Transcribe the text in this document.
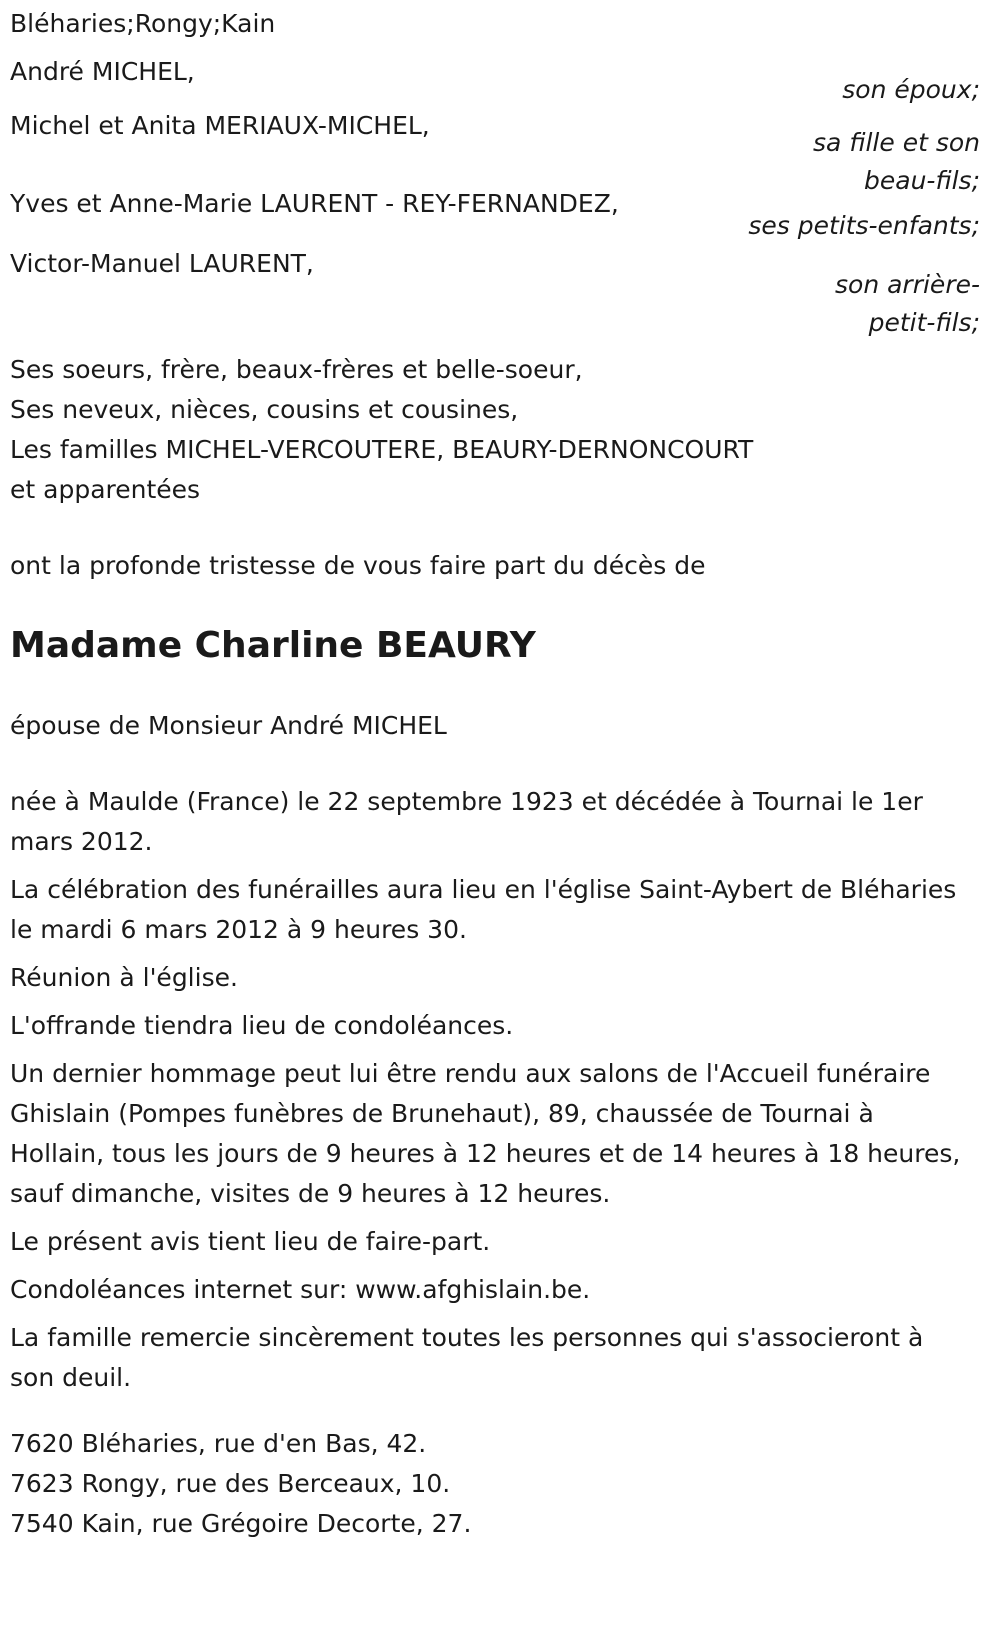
Bléharies;Rongy;Kain

André MICHEL,

son époux;

Michel et Anita MERIAUX-MICHEL,

sa fille et son
beau-fils;

Yves et Anne-Marie LAURENT - REY-FERNANDEZ,

ses petits-enfants;

Victor-Manuel LAURENT,

son arrière-
petit-fils;

Ses soeurs, frère, beaux-frères et belle-soeur,

Ses neveux, nièces, cousins et cousines,

Les familles MICHEL-VERCOUTERE, BEAURY-DERNONCOURT

et apparentées

ont la profonde tristesse de vous faire part du décès de

Madame Charline BEAURY

épouse de Monsieur André MICHEL

née à Maulde (France) le 22 septembre 1923 et décédée à Tournai le 1er mars 2012.

La célébration des funérailles aura lieu en l'église Saint-Aybert de Bléharies le mardi 6 mars 2012 à 9 heures 30.

Réunion à l'église.

L'offrande tiendra lieu de condoléances.

Un dernier hommage peut lui être rendu aux salons de l'Accueil funéraire Ghislain (Pompes funèbres de Brunehaut), 89, chaussée de Tournai à Hollain, tous les jours de 9 heures à 12 heures et de 14 heures à 18 heures, sauf dimanche, visites de 9 heures à 12 heures.

Le présent avis tient lieu de faire-part.

Condoléances internet sur: www.afghislain.be.

La famille remercie sincèrement toutes les personnes qui s'associeront à son deuil.

7620 Bléharies, rue d'en Bas, 42.

7623 Rongy, rue des Berceaux, 10.

7540 Kain, rue Grégoire Decorte, 27.
